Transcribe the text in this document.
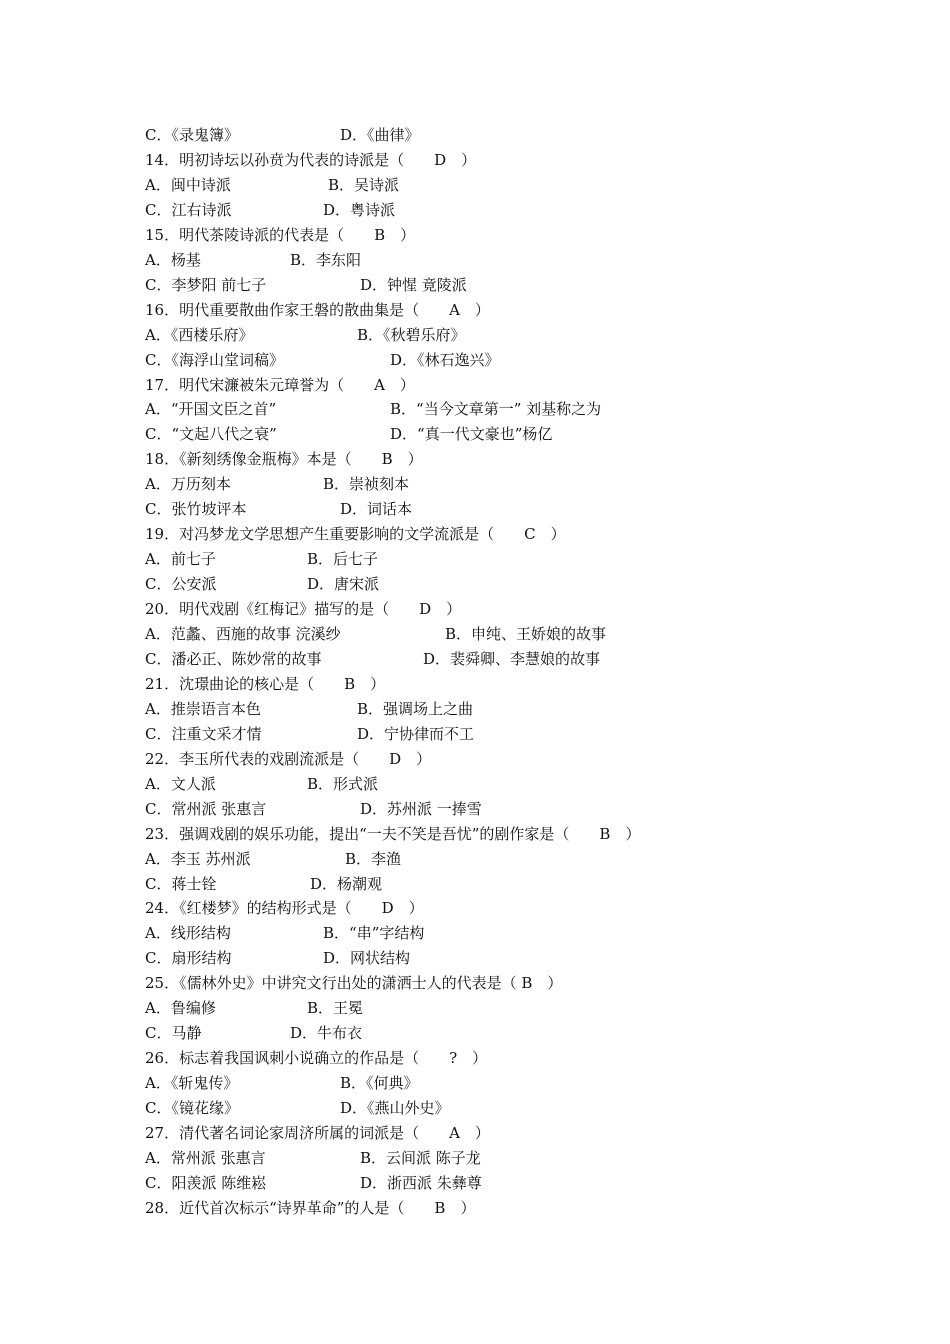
C．《录鬼簿》	D．《曲律》
14．明初诗坛以孙贲为代表的诗派是（　　D　）
A．闽中诗派	B．吴诗派
C．江右诗派	D．粤诗派
15．明代茶陵诗派的代表是（　　B　）
A．杨基	B．李东阳
C．李梦阳 前七子	D．钟惺 竟陵派
16．明代重要散曲作家王磐的散曲集是（　　A　）
A．《西楼乐府》	B．《秋碧乐府》
C．《海浮山堂词稿》	D．《林石逸兴》
17．明代宋濂被朱元璋誉为（　　A　）
A．“开国文臣之首”	B．“当今文章第一” 刘基称之为
C．“文起八代之衰”	D．“真一代文豪也”杨亿
18．《新刻绣像金瓶梅》本是（　　B　）
A．万历刻本	B．崇祯刻本
C．张竹坡评本	D．词话本
19．对冯梦龙文学思想产生重要影响的文学流派是（　　C　）
A．前七子	B．后七子
C．公安派	D．唐宋派
20．明代戏剧《红梅记》描写的是（　　D　）
A．范蠡、西施的故事 浣溪纱	B．申纯、王娇娘的故事
C．潘必正、陈妙常的故事	D．裴舜卿、李慧娘的故事
21．沈璟曲论的核心是（　　B　）
A．推崇语言本色	B．强调场上之曲
C．注重文采才情	D．宁协律而不工
22．李玉所代表的戏剧流派是（　　D　）
A．文人派	B．形式派
C．常州派 张惠言	D．苏州派 一捧雪
23．强调戏剧的娱乐功能，提出“一夫不笑是吾忧”的剧作家是（　　B　）
A．李玉 苏州派	B．李渔
C．蒋士铨	D．杨潮观
24．《红楼梦》的结构形式是（　　D　）
A．线形结构	B．“串”字结构
C．扇形结构	D．网状结构
25．《儒林外史》中讲究文行出处的潇洒士人的代表是（ B　）
A．鲁编修	B．王冕
C．马静	D．牛布衣
26．标志着我国讽刺小说确立的作品是（　　?　）
A．《斩鬼传》	B．《何典》
C．《镜花缘》	D．《燕山外史》
27．清代著名词论家周济所属的词派是（　　A　）
A．常州派 张惠言	B．云间派 陈子龙
C．阳羡派 陈维崧	D．浙西派 朱彝尊
28．近代首次标示“诗界革命”的人是（　　B　）
